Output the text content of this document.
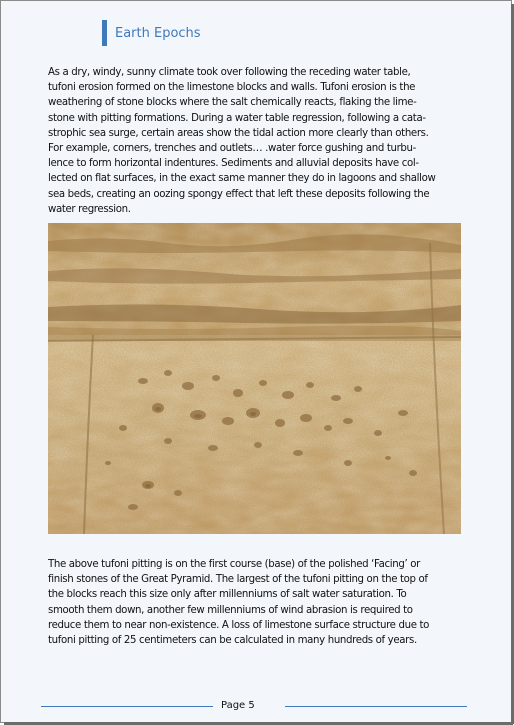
Earth Epochs

As a dry, windy, sunny climate took over following the receding water table,
tufoni erosion formed on the limestone blocks and walls. Tufoni erosion is the
weathering of stone blocks where the salt chemically reacts, flaking the lime-
stone with pitting formations. During a water table regression, following a cata-
strophic sea surge, certain areas show the tidal action more clearly than others.
For example, corners, trenches and outlets… .water force gushing and turbu-
lence to form horizontal indentures. Sediments and alluvial deposits have col-
lected on flat surfaces, in the exact same manner they do in lagoons and shallow
sea beds, creating an oozing spongy effect that left these deposits following the
water regression.

The above tufoni pitting is on the first course (base) of the polished ‘Facing’ or
finish stones of the Great Pyramid. The largest of the tufoni pitting on the top of
the blocks reach this size only after millenniums of salt water saturation. To
smooth them down, another few millenniums of wind abrasion is required to
reduce them to near non-existence. A loss of limestone surface structure due to
tufoni pitting of 25 centimeters can be calculated in many hundreds of years.

Page 5
